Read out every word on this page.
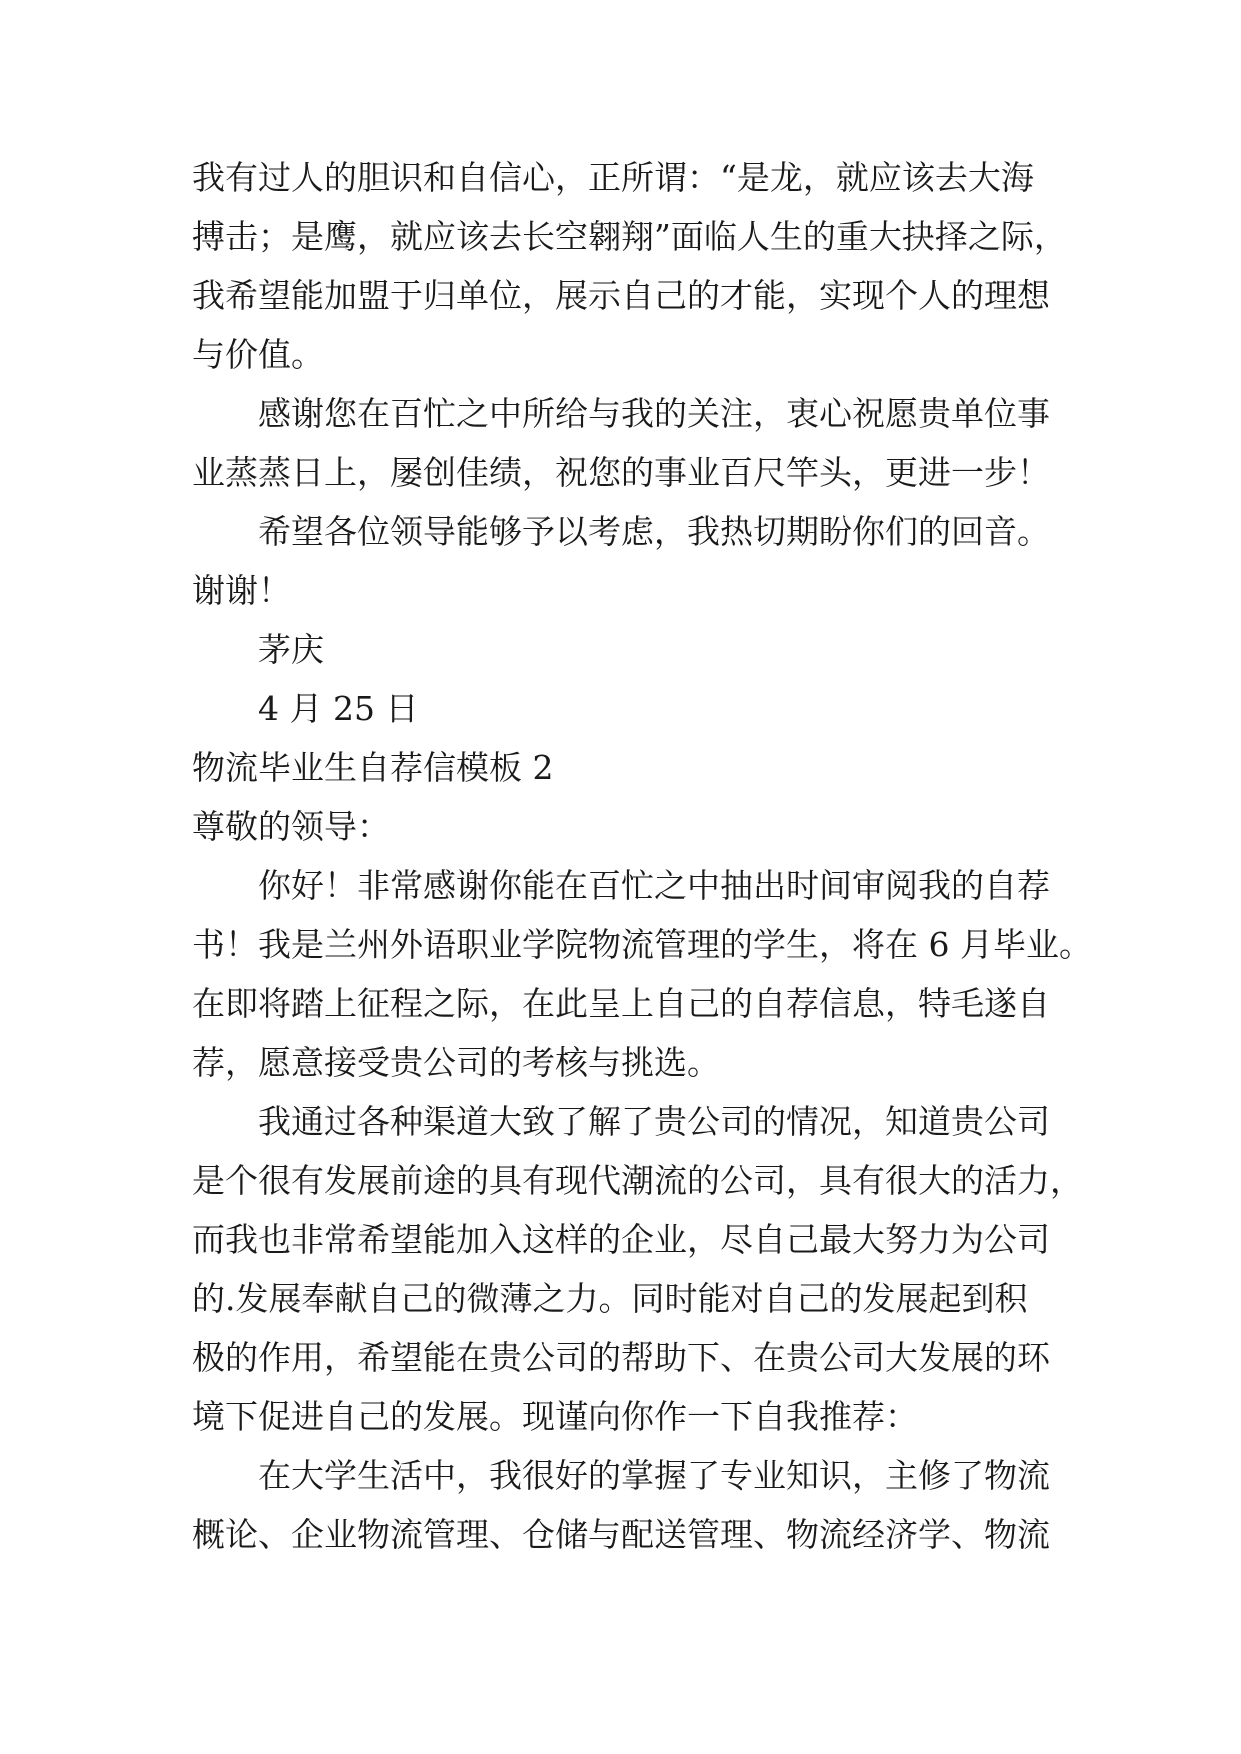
我有过人的胆识和自信心，正所谓：“是龙，就应该去大海
搏击；是鹰，就应该去长空翱翔”面临人生的重大抉择之际，
我希望能加盟于归单位，展示自己的才能，实现个人的理想
与价值。
感谢您在百忙之中所给与我的关注，衷心祝愿贵单位事
业蒸蒸日上，屡创佳绩，祝您的事业百尺竿头，更进一步！
希望各位领导能够予以考虑，我热切期盼你们的回音。
谢谢！
茅庆
4 月 25 日
物流毕业生自荐信模板 2
尊敬的领导：
你好！非常感谢你能在百忙之中抽出时间审阅我的自荐
书！我是兰州外语职业学院物流管理的学生，将在 6 月毕业。
在即将踏上征程之际，在此呈上自己的自荐信息，特毛遂自
荐，愿意接受贵公司的考核与挑选。
我通过各种渠道大致了解了贵公司的情况，知道贵公司
是个很有发展前途的具有现代潮流的公司，具有很大的活力，
而我也非常希望能加入这样的企业，尽自己最大努力为公司
的.发展奉献自己的微薄之力。同时能对自己的发展起到积
极的作用，希望能在贵公司的帮助下、在贵公司大发展的环
境下促进自己的发展。现谨向你作一下自我推荐：
在大学生活中，我很好的掌握了专业知识，主修了物流
概论、企业物流管理、仓储与配送管理、物流经济学、物流
